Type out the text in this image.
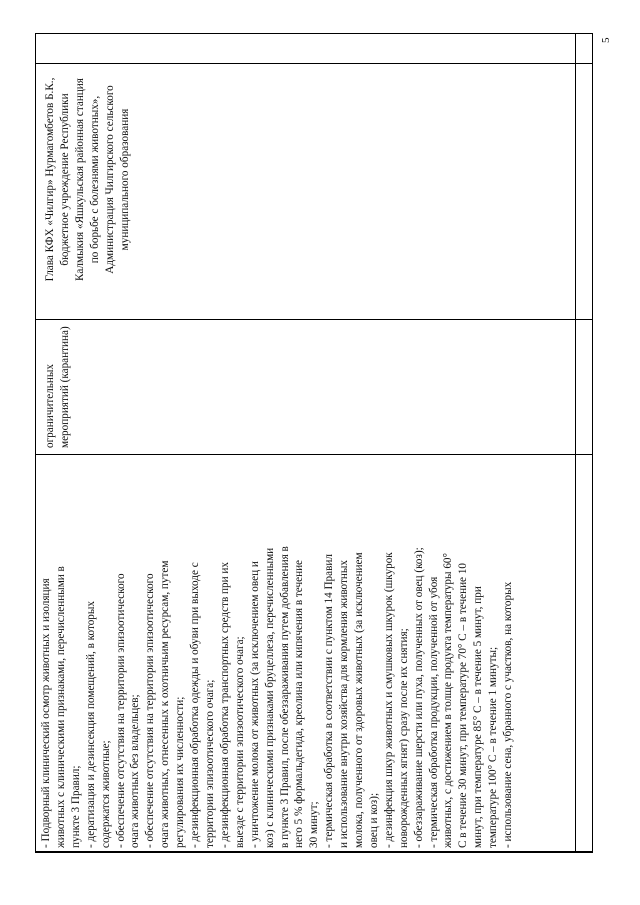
- Подворный клинический осмотр животных и изоляция животных с клиническими признаками, перечисленными в пункте 3 Правил; - дератизация и дезинсекция помещений, в которых содержатся животные; - обеспечение отсутствия на территории эпизоотического очага животных без владельцев; - обеспечение отсутствия на территории эпизоотического очага животных, отнесенных к охотничьим ресурсам, путем регулирования их численности; - дезинфекционная обработка одежды и обуви при выходе с территории эпизоотического очага; - дезинфекционная обработка транспортных средств при их выезде с территории эпизоотического очага; - уничтожение молока от животных (за исключением овец и коз) с клиническими признаками бруцеллеза, перечисленными в пункте 3 Правил, после обеззараживания путем добавления в него 5 % формальдегида, креолина или кипячения в течение 30 минут; - термическая обработка в соответствии с пунктом 14 Правил и использование внутри хозяйства для кормления животных молока, полученного от здоровых животных (за исключением овец и коз); - дезинфекция шкур животных и смушковых шкурок (шкурок новорожденных ягнят) сразу после их снятия; - обеззараживание шерсти или пуха, полученных от овец (коз); - термическая обработка продукции, полученной от убоя животных, с достижением в толще продукта температуры 60° С в течение 30 минут, при температуре 70° С – в течение 10 минут, при температуре 85° С – в течение 5 минут, при температуре 100° С – в течение 1 минуты; - использование сена, убранного с участков, на которых
ограничительных мероприятий (карантина)
Глава КФХ «Чилгир» Нурмагомбетов Б.К., бюджетное учреждение Республики Калмыкия «Яшкульская районная станция по борьбе с болезнями животных», Администрация Чилгирского сельского муниципального образования
5
